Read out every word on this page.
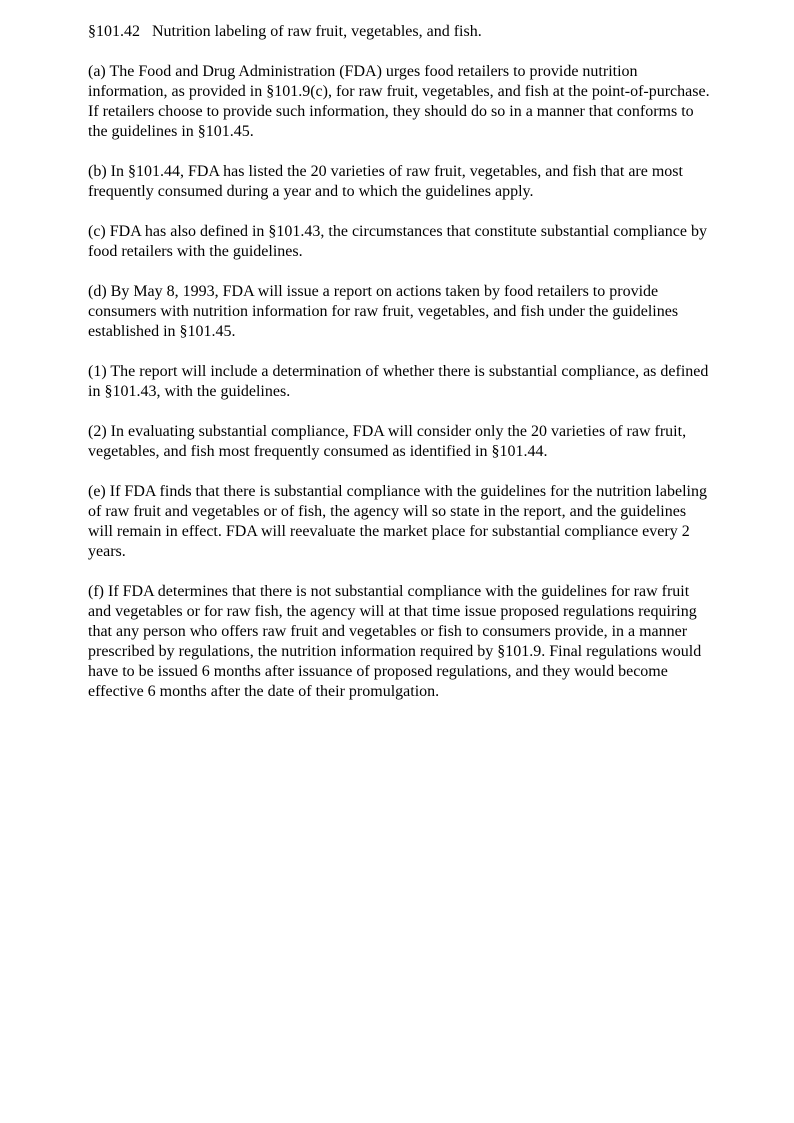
§101.42 Nutrition labeling of raw fruit, vegetables, and fish.

(a) The Food and Drug Administration (FDA) urges food retailers to provide nutrition information, as provided in §101.9(c), for raw fruit, vegetables, and fish at the point-of-purchase. If retailers choose to provide such information, they should do so in a manner that conforms to the guidelines in §101.45.

(b) In §101.44, FDA has listed the 20 varieties of raw fruit, vegetables, and fish that are most frequently consumed during a year and to which the guidelines apply.

(c) FDA has also defined in §101.43, the circumstances that constitute substantial compliance by food retailers with the guidelines.

(d) By May 8, 1993, FDA will issue a report on actions taken by food retailers to provide consumers with nutrition information for raw fruit, vegetables, and fish under the guidelines established in §101.45.

(1) The report will include a determination of whether there is substantial compliance, as defined in §101.43, with the guidelines.

(2) In evaluating substantial compliance, FDA will consider only the 20 varieties of raw fruit, vegetables, and fish most frequently consumed as identified in §101.44.

(e) If FDA finds that there is substantial compliance with the guidelines for the nutrition labeling of raw fruit and vegetables or of fish, the agency will so state in the report, and the guidelines will remain in effect. FDA will reevaluate the market place for substantial compliance every 2 years.

(f) If FDA determines that there is not substantial compliance with the guidelines for raw fruit and vegetables or for raw fish, the agency will at that time issue proposed regulations requiring that any person who offers raw fruit and vegetables or fish to consumers provide, in a manner prescribed by regulations, the nutrition information required by §101.9. Final regulations would have to be issued 6 months after issuance of proposed regulations, and they would become effective 6 months after the date of their promulgation.
